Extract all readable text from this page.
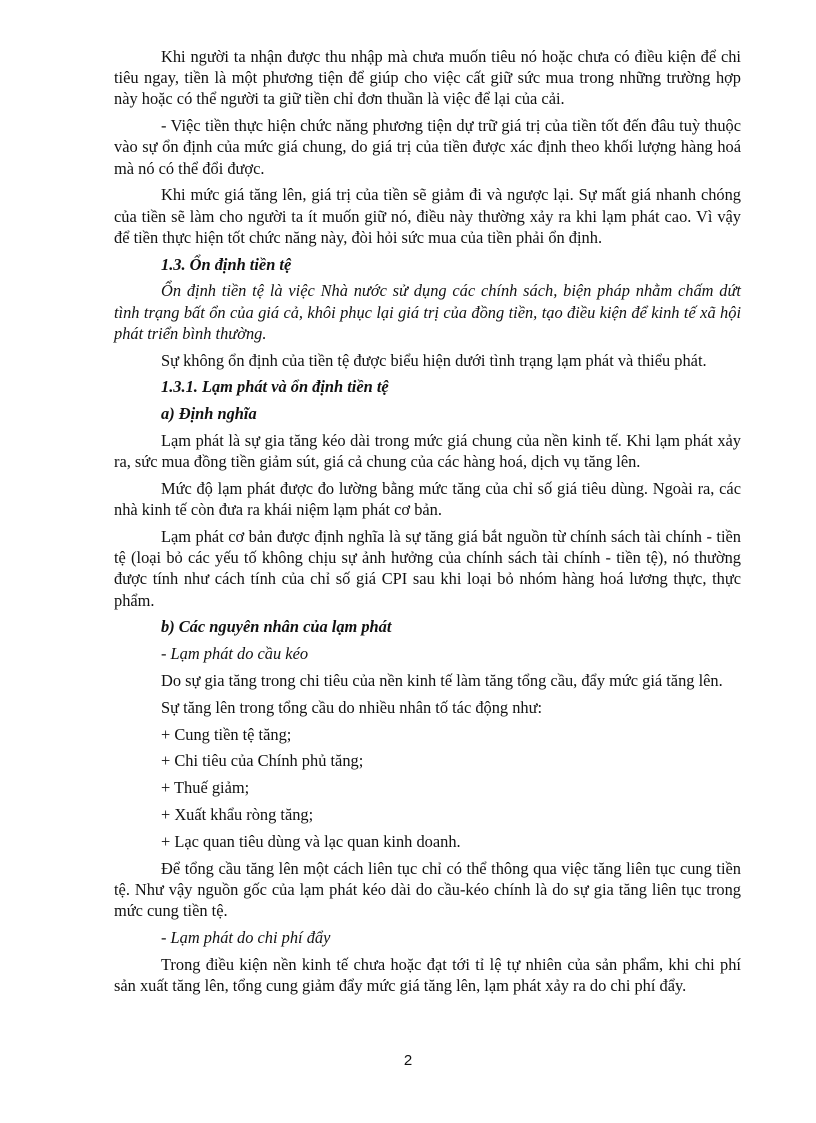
Khi người ta nhận được thu nhập mà chưa muốn tiêu nó hoặc chưa có điều kiện để chi tiêu ngay, tiền là một phương tiện để giúp cho việc cất giữ sức mua trong những trường hợp này hoặc có thể người ta giữ tiền chỉ đơn thuần là việc để lại của cải.

- Việc tiền thực hiện chức năng phương tiện dự trữ giá trị của tiền tốt đến đâu tuỳ thuộc vào sự ổn định của mức giá chung, do giá trị của tiền được xác định theo khối lượng hàng hoá mà nó có thể đổi được.

Khi mức giá tăng lên, giá trị của tiền sẽ giảm đi và ngược lại. Sự mất giá nhanh chóng của tiền sẽ làm cho người ta ít muốn giữ nó, điều này thường xảy ra khi lạm phát cao. Vì vậy để tiền thực hiện tốt chức năng này, đòi hỏi sức mua của tiền phải ổn định.

1.3. Ổn định tiền tệ

Ổn định tiền tệ là việc Nhà nước sử dụng các chính sách, biện pháp nhằm chấm dứt tình trạng bất ổn của giá cả, khôi phục lại giá trị của đồng tiền, tạo điều kiện để kinh tế xã hội phát triển bình thường.

Sự không ổn định của tiền tệ được biểu hiện dưới tình trạng lạm phát và thiểu phát.

1.3.1. Lạm phát và ổn định tiền tệ

a) Định nghĩa

Lạm phát là sự gia tăng kéo dài trong mức giá chung của nền kinh tế. Khi lạm phát xảy ra, sức mua đồng tiền giảm sút, giá cả chung của các hàng hoá, dịch vụ tăng lên.

Mức độ lạm phát được đo lường bằng mức tăng của chỉ số giá tiêu dùng. Ngoài ra, các nhà kinh tế còn đưa ra khái niệm lạm phát cơ bản.

Lạm phát cơ bản được định nghĩa là sự tăng giá bắt nguồn từ chính sách tài chính - tiền tệ (loại bỏ các yếu tố không chịu sự ảnh hưởng của chính sách tài chính - tiền tệ), nó thường được tính như cách tính của chỉ số giá CPI sau khi loại bỏ nhóm hàng hoá lương thực, thực phẩm.

b) Các nguyên nhân của lạm phát

- Lạm phát do cầu kéo

Do sự gia tăng trong chi tiêu của nền kinh tế làm tăng tổng cầu, đẩy mức giá tăng lên.

Sự tăng lên trong tổng cầu do nhiều nhân tố tác động như:

+ Cung tiền tệ tăng;

+ Chi tiêu của Chính phủ tăng;

+ Thuế giảm;

+ Xuất khẩu ròng tăng;

+ Lạc quan tiêu dùng và lạc quan kinh doanh.

Để tổng cầu tăng lên một cách liên tục chỉ có thể thông qua việc tăng liên tục cung tiền tệ. Như vậy nguồn gốc của lạm phát kéo dài do cầu-kéo chính là do sự gia tăng liên tục trong mức cung tiền tệ.

- Lạm phát do chi phí đẩy

Trong điều kiện nền kinh tế chưa hoặc đạt tới tỉ lệ tự nhiên của sản phẩm, khi chi phí sản xuất tăng lên, tổng cung giảm đẩy mức giá tăng lên, lạm phát xảy ra do chi phí đẩy.

2
